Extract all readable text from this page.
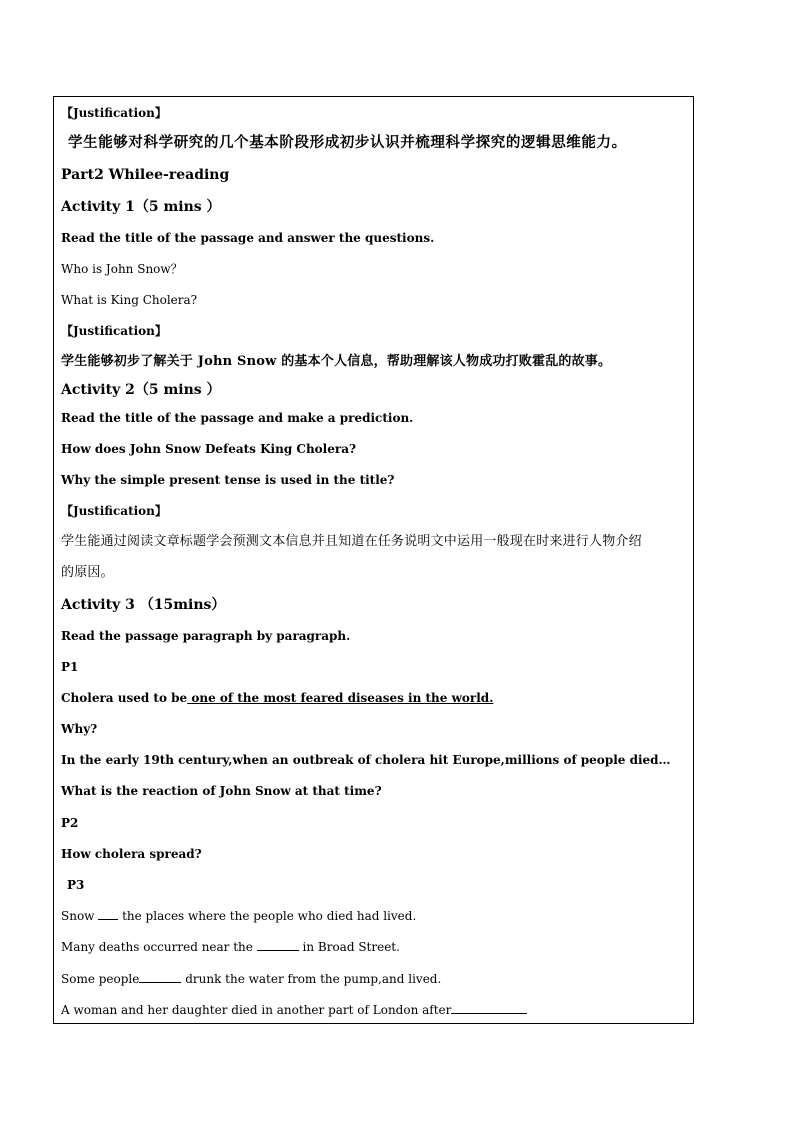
【Justification】
学生能够对科学研究的几个基本阶段形成初步认识并梳理科学探究的逻辑思维能力。
Part2 Whilee-reading
Activity 1（5 mins ）
Read the title of the passage and answer the questions.
Who is John Snow？
What is King Cholera?
【Justification】
学生能够初步了解关于 John Snow 的基本个人信息，帮助理解该人物成功打败霍乱的故事。
Activity 2（5 mins ）
Read the title of the passage and make a prediction.
How does John Snow Defeats King Cholera?
Why the simple present tense is used in the title?
【Justification】
学生能通过阅读文章标题学会预测文本信息并且知道在任务说明文中运用一般现在时来进行人物介绍
的原因。
Activity 3 （15mins）
Read the passage paragraph by paragraph.
P1
Cholera used to be one of the most feared diseases in the world.
Why?
In the early 19th century,when an outbreak of cholera hit Europe,millions of people died…
What is the reaction of John Snow at that time?
P2
How cholera spread?
P3
Snow  the places where the people who died had lived.
Many deaths occurred near the	in Broad Street.
Some people	drunk the water from the pump,and lived.
A woman and her daughter died in another part of London after
